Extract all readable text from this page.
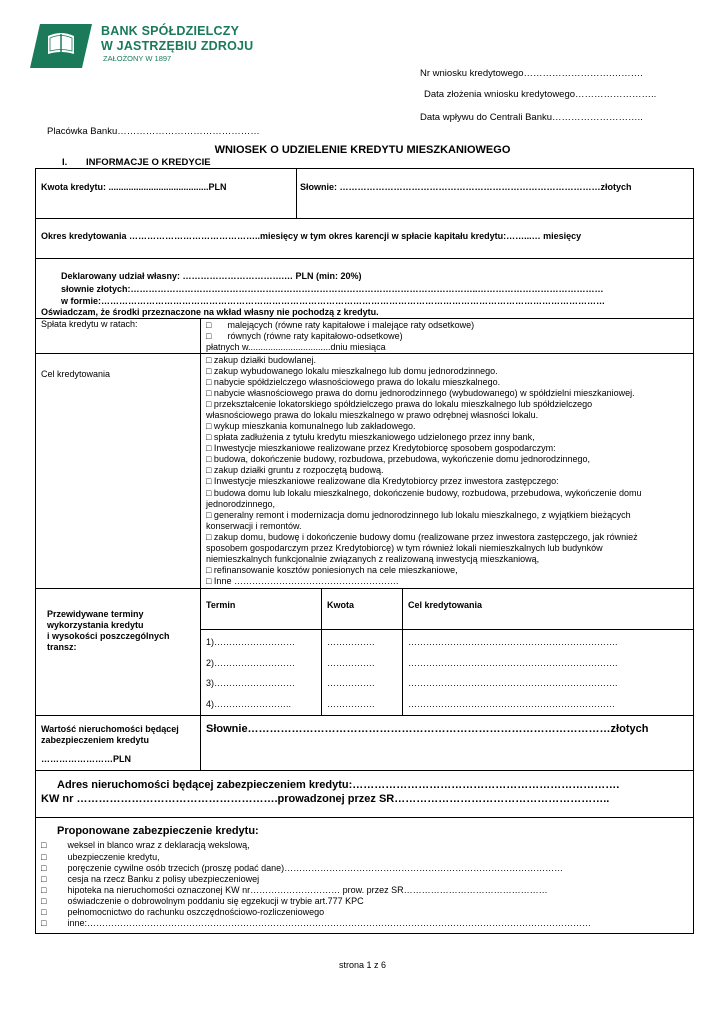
BANK SPÓŁDZIELCZY
W JASTRZĘBIU ZDROJU
ZAŁOŻONY W 1897
Nr wniosku kredytowego……………………….……….
Data złożenia wniosku kredytowego……………………..
Data wpływu do Centrali Banku………………………..
Placówka Banku………………………………………
WNIOSEK O UDZIELENIE KREDYTU MIESZKANIOWEGO
I. INFORMACJE O KREDYCIE
Kwota kredytu: ........................................PLN	Słownie: ……………………………………………………………………………złotych
Okres kredytowania ……………………………………..miesięcy w tym okres karencji w spłacie kapitału kredytu:……...… miesięcy
Deklarowany udział własny: …………………………….… PLN (min: 20%)
słownie złotych:……………………………………………………………………………………………………..……………………………………
w formie:……………………………………………………………………………………………………………………………………………………
Oświadczam, że środki przeznaczone na wkład własny nie pochodzą z kredytu.
Spłata kredytu w ratach:	□ malejących (równe raty kapitałowe i malejące raty odsetkowe)
□ równych (równe raty kapitałowo-odsetkowe)
płatnych w.................................dniu miesiąca
Cel kredytowania
□ zakup działki budowlanej.
□ zakup wybudowanego lokalu mieszkalnego lub domu jednorodzinnego.
□ nabycie spółdzielczego własnościowego prawa do lokalu mieszkalnego.
□ nabycie własnościowego prawa do domu jednorodzinnego (wybudowanego) w spółdzielni mieszkaniowej.
□ przekształcenie lokatorskiego spółdzielczego prawa do lokalu mieszkalnego lub spółdzielczego
własnościowego prawa do lokalu mieszkalnego w prawo odrębnej własności lokalu.
□ wykup mieszkania komunalnego lub zakładowego.
□ spłata zadłużenia z tytułu kredytu mieszkaniowego udzielonego przez inny bank,
□ Inwestycje mieszkaniowe realizowane przez Kredytobiorcę sposobem gospodarczym:
□ budowa, dokończenie budowy, rozbudowa, przebudowa, wykończenie domu jednorodzinnego,
□ zakup działki gruntu z rozpoczętą budową.
□ Inwestycje mieszkaniowe realizowane dla Kredytobiorcy przez inwestora zastępczego:
□ budowa domu lub lokalu mieszkalnego, dokończenie budowy, rozbudowa, przebudowa, wykończenie domu
jednorodzinnego,
□ generalny remont i modernizacja domu jednorodzinnego lub lokalu mieszkalnego, z wyjątkiem bieżących
konserwacji i remontów.
□ zakup domu, budowę i dokończenie budowy domu (realizowane przez inwestora zastępczego, jak również
sposobem gospodarczym przez Kredytobiorcę) w tym również lokali niemieszkalnych lub budynków
niemieszkalnych funkcjonalnie związanych z realizowaną inwestycją mieszkaniową,
□ refinansowanie kosztów poniesionych na cele mieszkaniowe,
□ Inne ……………………………………………….
Przewidywane terminy
wykorzystania kredytu
i wysokości poszczególnych
transz:
Termin	Kwota	Cel kredytowania
1)………………………	…………….	…………………………………………………………….
2)………………………	…………….	…………………………………………………………….
3)………………………	…………….	…………………………………………………………….
4)……………………..	…………….	……………………………………………………………
Wartość nieruchomości będącej
zabezpieczeniem kredytu
……………………PLN
Słownie………………………………………………………………………………………złotych
Adres nieruchomości będącej zabezpieczeniem kredytu:……………………………………………………………….
KW nr ……………………………………………….prowadzonej przez SR…………………………………………………..
Proponowane zabezpieczenie kredytu:
□ weksel in blanco wraz z deklaracją wekslową,
□ ubezpieczenie kredytu,
□ poręczenie cywilne osób trzecich (proszę podać dane)…………………………………………………………………………………
□ cesja na rzecz Banku z polisy ubezpieczeniowej
□ hipoteka na nieruchomości oznaczonej KW nr………………………… prow. przez SR…………………………………………
□ oświadczenie o dobrowolnym poddaniu się egzekucji w trybie art.777 KPC
□ pełnomocnictwo do rachunku oszczędnościowo-rozliczeniowego
□ inne:……………………………………………………………………………………………………………………………………………………
strona 1 z 6
